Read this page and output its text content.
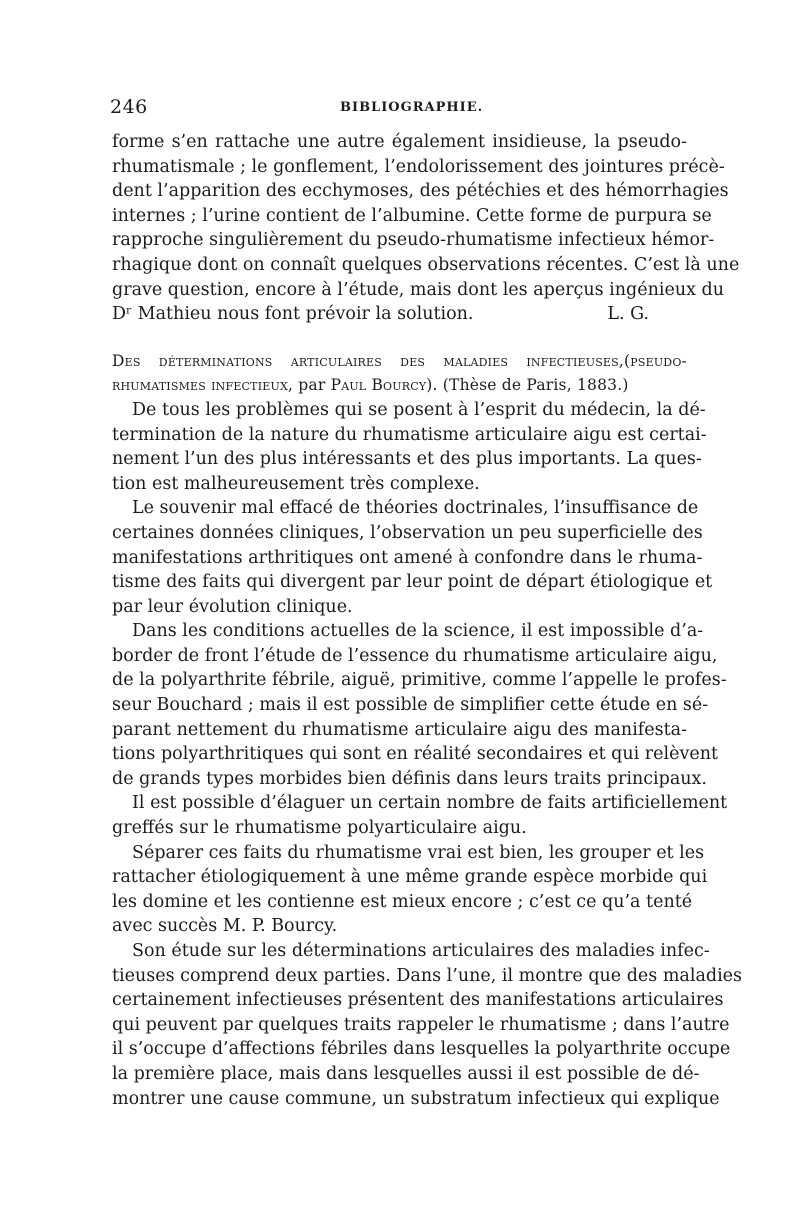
246	BIBLIOGRAPHIE.
forme s’en rattache une autre également insidieuse, la pseudo-
rhumatismale ; le gonflement, l’endolorissement des jointures précè-
dent l’apparition des ecchymoses, des pétéchies et des hémorrhagies
internes ; l’urine contient de l’albumine. Cette forme de purpura se
rapproche singulièrement du pseudo-rhumatisme infectieux hémor-
rhagique dont on connaît quelques observations récentes. C’est là une
grave question, encore à l’étude, mais dont les aperçus ingénieux du
Dʳ Mathieu nous font prévoir la solution.	L. G.
Des déterminations articulaires des maladies infectieuses,(pseudo-
rhumatismes infectieux, par Paul Bourcy). (Thèse de Paris, 1883.)
De tous les problèmes qui se posent à l’esprit du médecin, la dé-
termination de la nature du rhumatisme articulaire aigu est certai-
nement l’un des plus intéressants et des plus importants. La ques-
tion est malheureusement très complexe.
Le souvenir mal effacé de théories doctrinales, l’insuffisance de
certaines données cliniques, l’observation un peu superficielle des
manifestations arthritiques ont amené à confondre dans le rhuma-
tisme des faits qui divergent par leur point de départ étiologique et
par leur évolution clinique.
Dans les conditions actuelles de la science, il est impossible d’a-
border de front l’étude de l’essence du rhumatisme articulaire aigu,
de la polyarthrite fébrile, aiguë, primitive, comme l’appelle le profes-
seur Bouchard ; mais il est possible de simplifier cette étude en sé-
parant nettement du rhumatisme articulaire aigu des manifesta-
tions polyarthritiques qui sont en réalité secondaires et qui relèvent
de grands types morbides bien définis dans leurs traits principaux.
Il est possible d’élaguer un certain nombre de faits artificiellement
greffés sur le rhumatisme polyarticulaire aigu.
Séparer ces faits du rhumatisme vrai est bien, les grouper et les
rattacher étiologiquement à une même grande espèce morbide qui
les domine et les contienne est mieux encore ; c’est ce qu’a tenté
avec succès M. P. Bourcy.
Son étude sur les déterminations articulaires des maladies infec-
tieuses comprend deux parties. Dans l’une, il montre que des maladies
certainement infectieuses présentent des manifestations articulaires
qui peuvent par quelques traits rappeler le rhumatisme ; dans l’autre
il s’occupe d’affections fébriles dans lesquelles la polyarthrite occupe
la première place, mais dans lesquelles aussi il est possible de dé-
montrer une cause commune, un substratum infectieux qui explique
